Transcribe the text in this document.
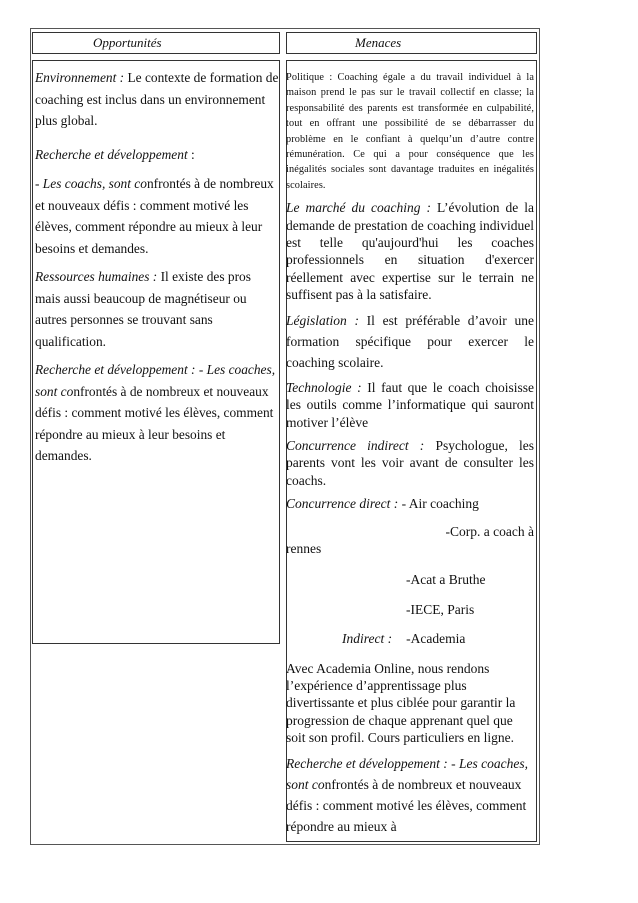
Opportunités	Menaces

Environnement : Le contexte de formation de coaching est inclus dans un environnement plus global.

Recherche et développement :

- Les coachs, sont confrontés à de nombreux et nouveaux défis : comment motivé les élèves, comment répondre au mieux à leur besoins et demandes.

Ressources humaines : Il existe des pros mais aussi beaucoup de magnétiseur ou autres personnes se trouvant sans qualification.

Recherche et développement : - Les coaches, sont confrontés à de nombreux et nouveaux défis : comment motivé les élèves, comment répondre au mieux à leur besoins et demandes.

Politique : Coaching égale a du travail individuel à la maison prend le pas sur le travail collectif en classe; la responsabilité des parents est transformée en culpabilité, tout en offrant une possibilité de se débarrasser du problème en le confiant à quelqu’un d’autre contre rémunération. Ce qui a pour conséquence que les inégalités sociales sont davantage traduites en inégalités scolaires.

Le marché du coaching : L’évolution de la demande de prestation de coaching individuel est telle qu'aujourd'hui les coaches professionnels en situation d'exercer réellement avec expertise sur le terrain ne suffisent pas à la satisfaire.

Législation : Il est préférable d’avoir une formation spécifique pour exercer le coaching scolaire.

Technologie : Il faut que le coach choisisse les outils comme l’informatique qui sauront motiver l’élève

Concurrence indirect : Psychologue, les parents vont les voir avant de consulter les coachs.

Concurrence direct : - Air coaching

-Corp. a coach à

rennes

-Acat a Bruthe

-IECE, Paris

Indirect : -Academia

Avec Academia Online, nous rendons l’expérience d’apprentissage plus divertissante et plus ciblée pour garantir la progression de chaque apprenant quel que soit son profil. Cours particuliers en ligne.

Recherche et développement : - Les coaches, sont confrontés à de nombreux et nouveaux défis : comment motivé les élèves, comment répondre au mieux à
